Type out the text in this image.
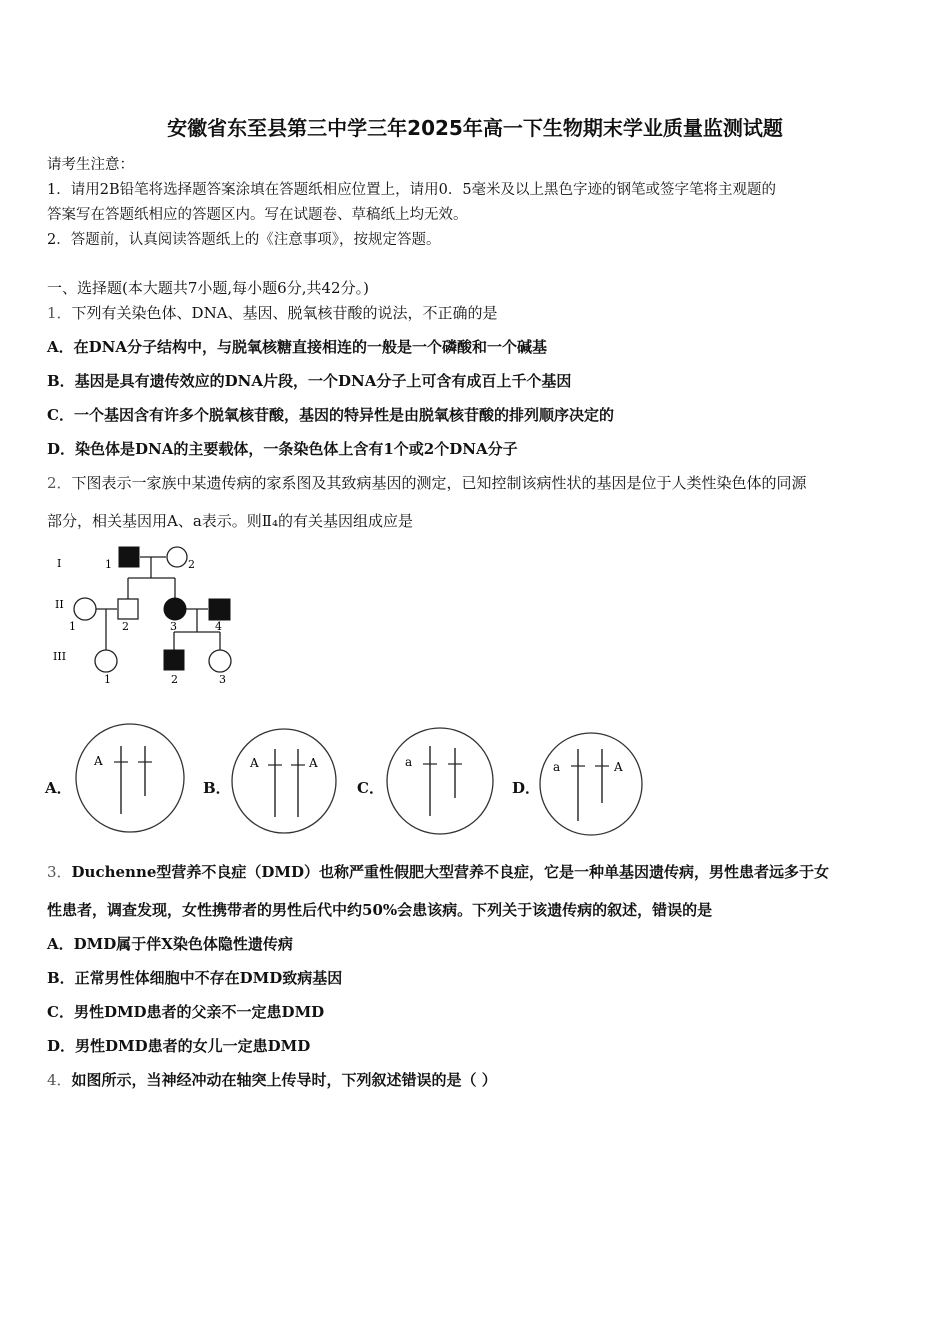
安徽省东至县第三中学三年2025年高一下生物期末学业质量监测试题
请考生注意：
1．请用2B铅笔将选择题答案涂填在答题纸相应位置上，请用0．5毫米及以上黑色字迹的钢笔或签字笔将主观题的
答案写在答题纸相应的答题区内。写在试题卷、草稿纸上均无效。
2．答题前，认真阅读答题纸上的《注意事项》，按规定答题。
一、选择题(本大题共7小题,每小题6分,共42分。)
1．下列有关染色体、DNA、基因、脱氧核苷酸的说法，不正确的是
A．在DNA分子结构中，与脱氧核糖直接相连的一般是一个磷酸和一个碱基
B．基因是具有遗传效应的DNA片段，一个DNA分子上可含有成百上千个基因
C．一个基因含有许多个脱氧核苷酸，基因的特异性是由脱氧核苷酸的排列顺序决定的
D．染色体是DNA的主要载体，一条染色体上含有1个或2个DNA分子
2．下图表示一家族中某遗传病的家系图及其致病基因的测定，已知控制该病性状的基因是位于人类性染色体的同源
部分，相关基因用A、a表示。则Ⅱ₄的有关基因组成应是
I
II
III
1	2
1	2	3	4
1	2	3
A．
A
B．
A	A
C．
a
D．
a	A
3．Duchenne型营养不良症（DMD）也称严重性假肥大型营养不良症，它是一种单基因遗传病，男性患者远多于女
性患者，调查发现，女性携带者的男性后代中约50%会患该病。下列关于该遗传病的叙述，错误的是
A．DMD属于伴X染色体隐性遗传病
B．正常男性体细胞中不存在DMD致病基因
C．男性DMD患者的父亲不一定患DMD
D．男性DMD患者的女儿一定患DMD
4．如图所示，当神经冲动在轴突上传导时，下列叙述错误的是（ ）
